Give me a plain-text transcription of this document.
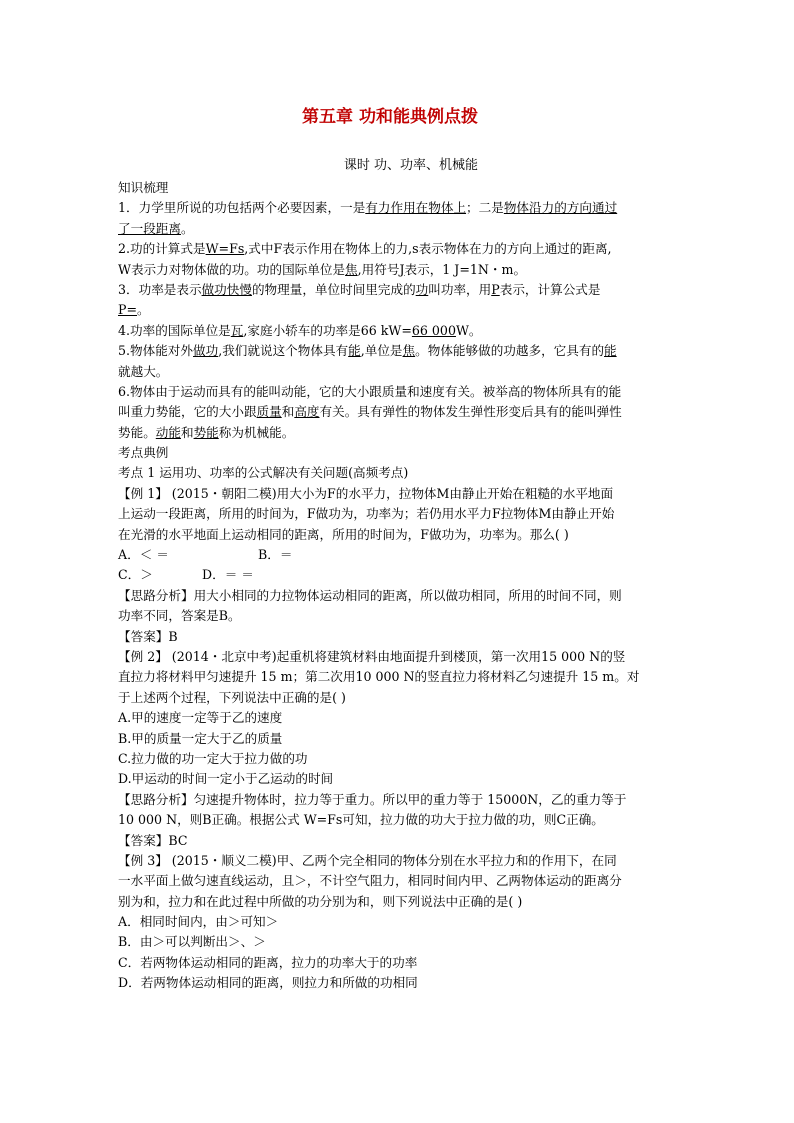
第五章 功和能典例点拨
课时 功、功率、机械能
知识梳理
1．力学里所说的功包括两个必要因素，一是有力作用在物体上；二是物体沿力的方向通过
了一段距离。
2.功的计算式是W=Fs,式中F表示作用在物体上的力,s表示物体在力的方向上通过的距离,
W表示力对物体做的功。功的国际单位是焦,用符号J表示，1 J=1N・m。
3．功率是表示做功快慢的物理量，单位时间里完成的功叫功率，用P表示，计算公式是
P=。
4.功率的国际单位是瓦,家庭小轿车的功率是66 kW=66 000W。
5.物体能对外做功,我们就说这个物体具有能,单位是焦。物体能够做的功越多，它具有的能
就越大。
6.物体由于运动而具有的能叫动能，它的大小跟质量和速度有关。被举高的物体所具有的能
叫重力势能，它的大小跟质量和高度有关。具有弹性的物体发生弹性形变后具有的能叫弹性
势能。动能和势能称为机械能。
考点典例
考点 1 运用功、功率的公式解决有关问题(高频考点)
【例 1】 (2015・朝阳二模)用大小为F的水平力，拉物体M由静止开始在粗糙的水平地面
上运动一段距离，所用的时间为，F做功为，功率为；若仍用水平力F拉物体M由静止开始
在光滑的水平地面上运动相同的距离，所用的时间为，F做功为，功率为。那么( )
A．＜ ＝	B．＝
C．＞	D．＝ ＝
【思路分析】用大小相同的力拉物体运动相同的距离，所以做功相同，所用的时间不同，则
功率不同，答案是B。
【答案】B
【例 2】 (2014・北京中考)起重机将建筑材料由地面提升到楼顶，第一次用15 000 N的竖
直拉力将材料甲匀速提升 15 m；第二次用10 000 N的竖直拉力将材料乙匀速提升 15 m。对
于上述两个过程，下列说法中正确的是( )
A.甲的速度一定等于乙的速度
B.甲的质量一定大于乙的质量
C.拉力做的功一定大于拉力做的功
D.甲运动的时间一定小于乙运动的时间
【思路分析】匀速提升物体时，拉力等于重力。所以甲的重力等于 15000N，乙的重力等于
10 000 N，则B正确。根据公式 W=Fs可知，拉力做的功大于拉力做的功，则C正确。
【答案】BC
【例 3】 (2015・顺义二模)甲、乙两个完全相同的物体分别在水平拉力和的作用下，在同
一水平面上做匀速直线运动，且＞，不计空气阻力，相同时间内甲、乙两物体运动的距离分
别为和，拉力和在此过程中所做的功分别为和，则下列说法中正确的是( )
A．相同时间内，由＞可知＞
B．由＞可以判断出＞、＞
C．若两物体运动相同的距离，拉力的功率大于的功率
D．若两物体运动相同的距离，则拉力和所做的功相同
